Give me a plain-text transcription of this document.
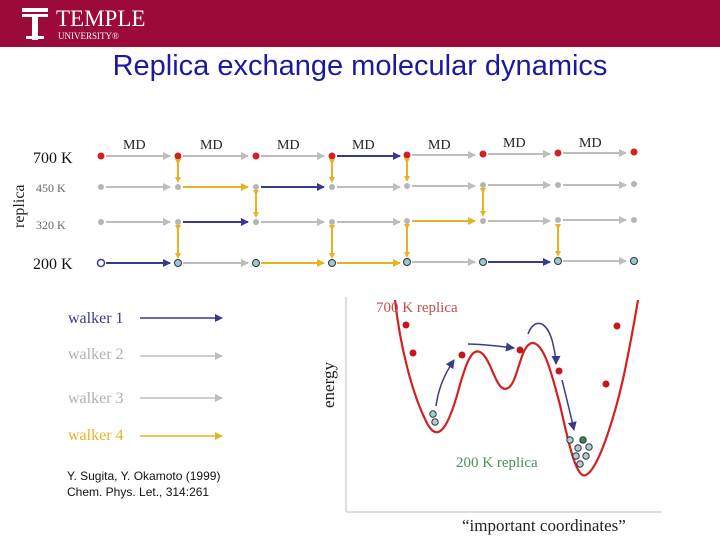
TEMPLE
UNIVERSITY®
Replica exchange molecular dynamics
replica
700 K
450 K
320 K
200 K
MD	MD	MD	MD	MD	MD	MD
energy
“important coordinates”
700 K replica
200 K replica
walker 1
walker 2
walker 3
walker 4
Y. Sugita, Y. Okamoto (1999)
Chem. Phys. Let., 314:261
